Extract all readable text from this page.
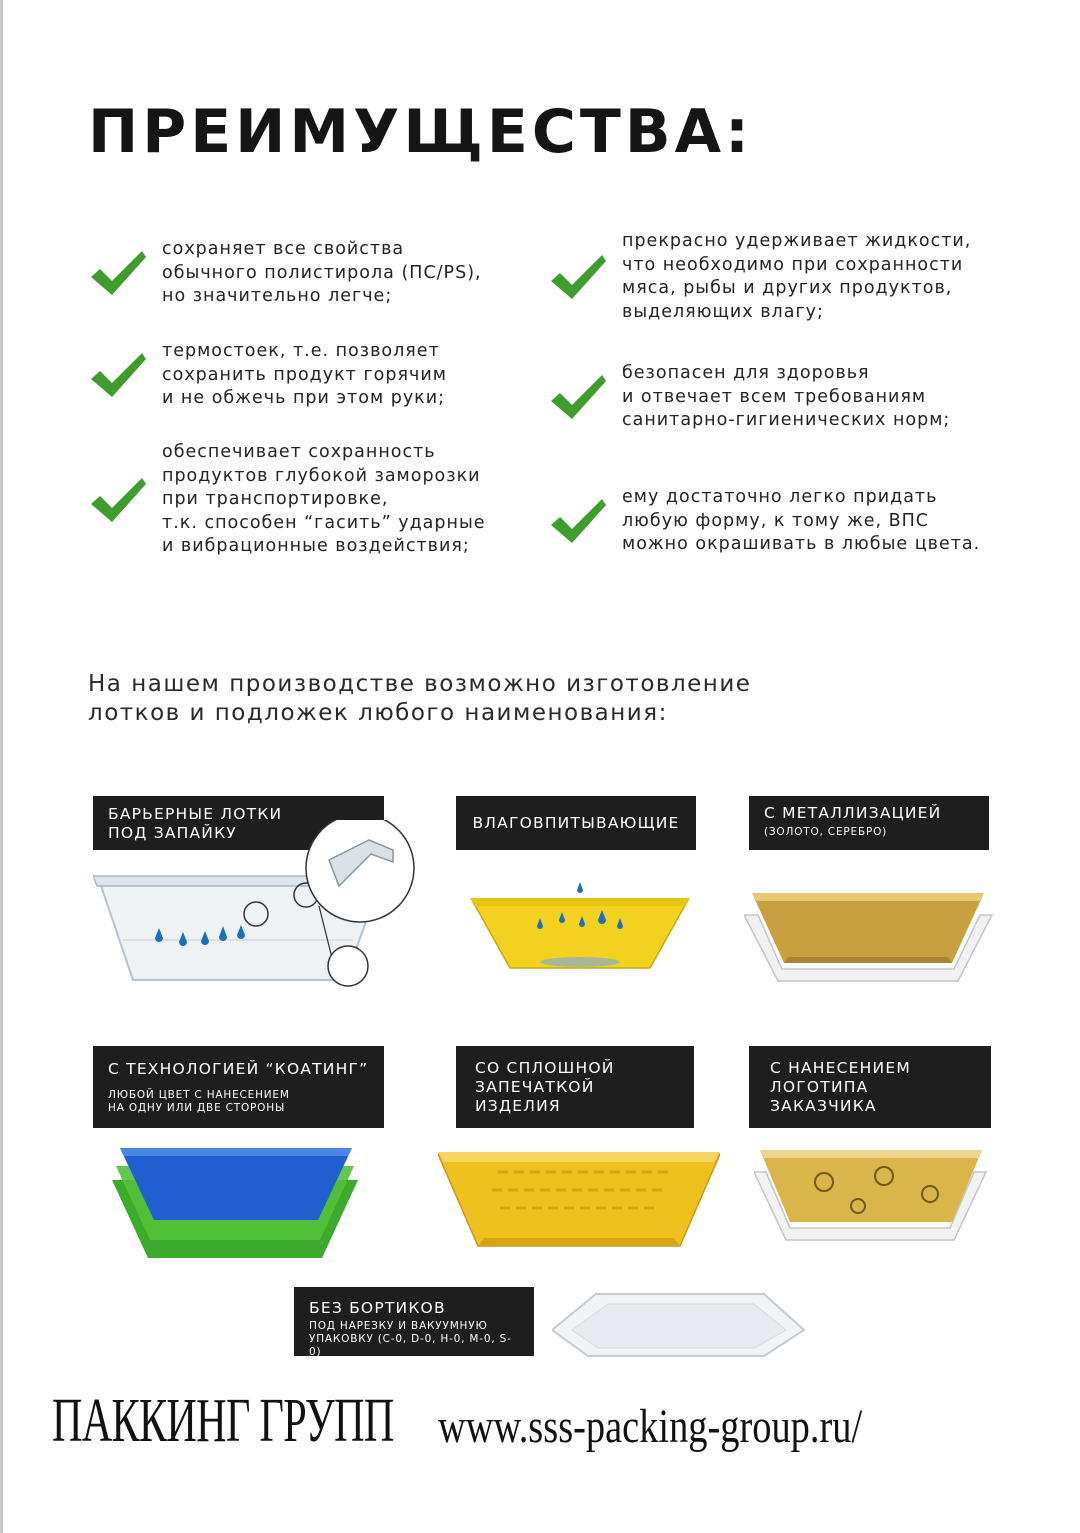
ПРЕИМУЩЕСТВА:
сохраняет все свойства
обычного полистирола (ПС/PS),
но значительно легче;
термостоек, т.е. позволяет
сохранить продукт горячим
и не обжечь при этом руки;
обеспечивает сохранность
продуктов глубокой заморозки
при транспортировке,
т.к. способен “гасить” ударные
и вибрационные воздействия;
прекрасно удерживает жидкости,
что необходимо при сохранности
мяса, рыбы и других продуктов,
выделяющих влагу;
безопасен для здоровья
и отвечает всем требованиям
санитарно-гигиенических норм;
ему достаточно легко придать
любую форму, к тому же, ВПС
можно окрашивать в любые цвета.
На нашем производстве возможно изготовление
лотков и подложек любого наименования:
БАРЬЕРНЫЕ ЛОТКИ
ПОД ЗАПАЙКУ
ВЛАГОВПИТЫВАЮЩИЕ
С МЕТАЛЛИЗАЦИЕЙ
(ЗОЛОТО, СЕРЕБРО)
С ТЕХНОЛОГИЕЙ “КОАТИНГ”
ЛЮБОЙ ЦВЕТ С НАНЕСЕНИЕМ
НА ОДНУ ИЛИ ДВЕ СТОРОНЫ
СО СПЛОШНОЙ
ЗАПЕЧАТКОЙ
ИЗДЕЛИЯ
С НАНЕСЕНИЕМ
ЛОГОТИПА
ЗАКАЗЧИКА
БЕЗ БОРТИКОВ
ПОД НАРЕЗКУ И ВАКУУМНУЮ
УПАКОВКУ (С-0, D-0, Н-0, М-0, S-0)
ПАККИНГ ГРУПП www.sss-packing-group.ru/
